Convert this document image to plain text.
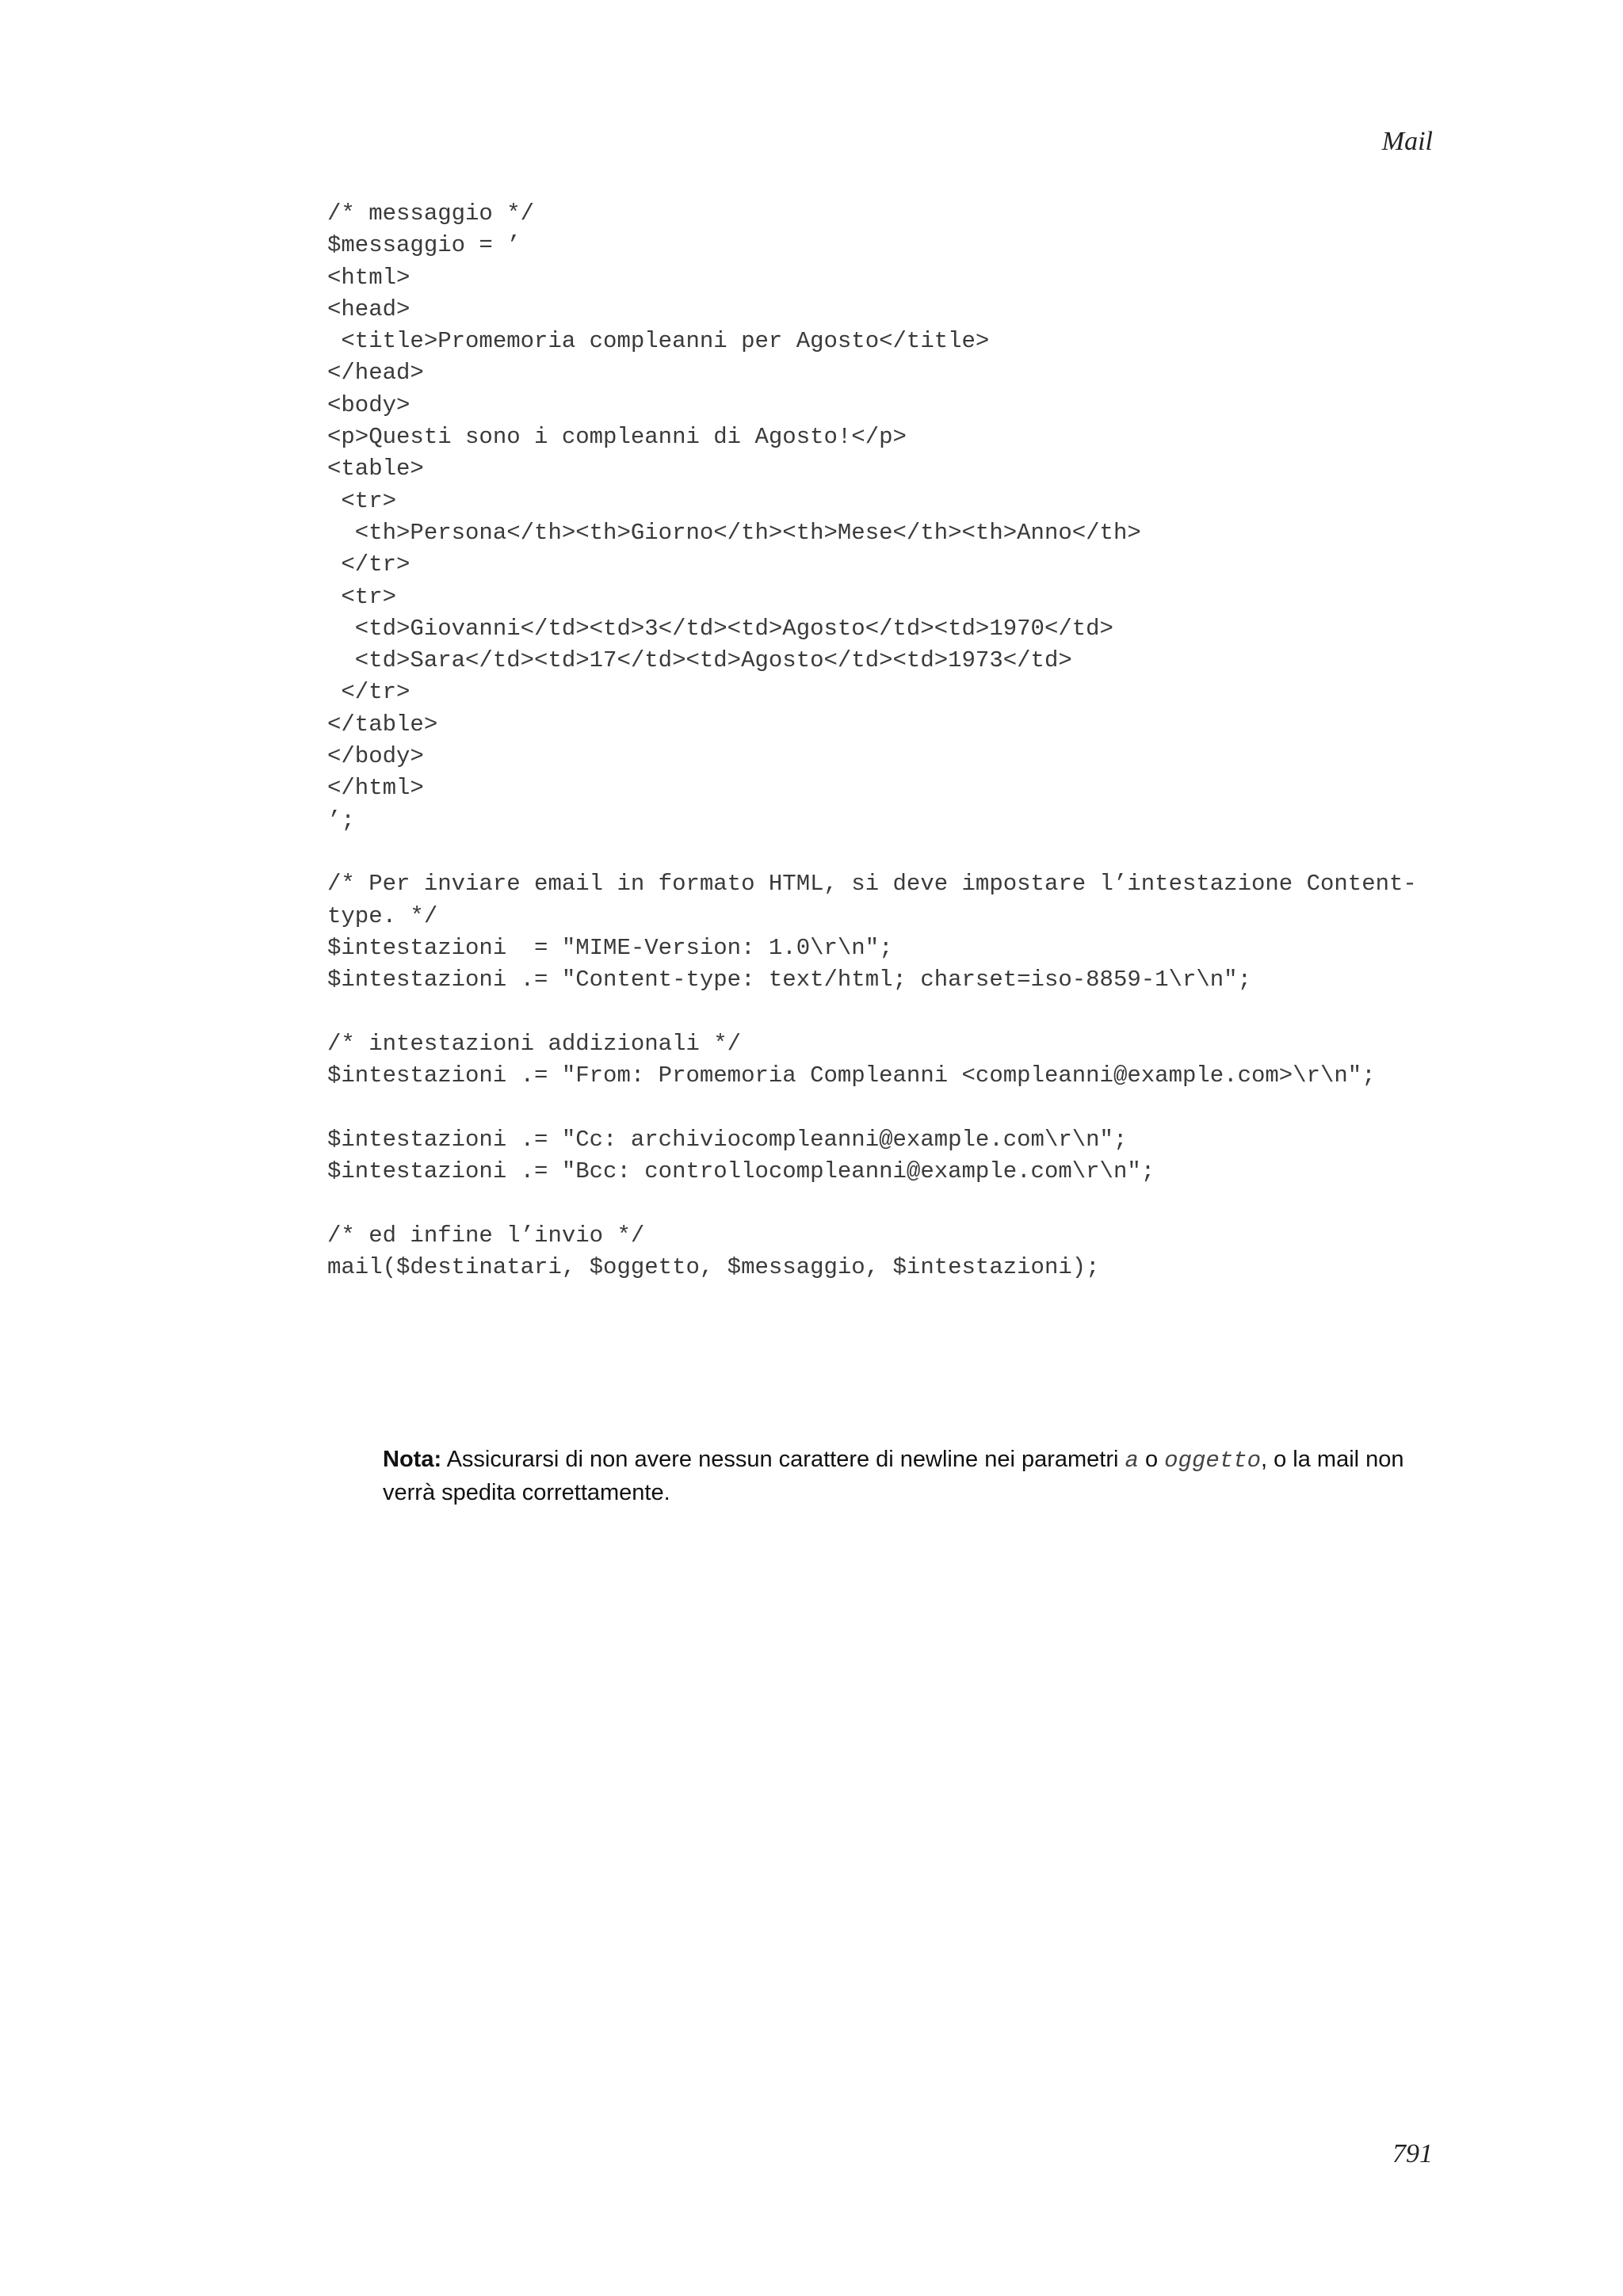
Mail
/* messaggio */
$messaggio = ’
<html>
<head>
<title>Promemoria compleanni per Agosto</title>
</head>
<body>
<p>Questi sono i compleanni di Agosto!</p>
<table>
<tr>
<th>Persona</th><th>Giorno</th><th>Mese</th><th>Anno</th>
</tr>
<tr>
<td>Giovanni</td><td>3</td><td>Agosto</td><td>1970</td>
<td>Sara</td><td>17</td><td>Agosto</td><td>1973</td>
</tr>
</table>
</body>
</html>
’;

/* Per inviare email in formato HTML, si deve impostare l’intestazione Content-
type. */
$intestazioni  = "MIME-Version: 1.0\r\n";
$intestazioni .= "Content-type: text/html; charset=iso-8859-1\r\n";

/* intestazioni addizionali */
$intestazioni .= "From: Promemoria Compleanni <compleanni@example.com>\r\n";

$intestazioni .= "Cc: archiviocompleanni@example.com\r\n";
$intestazioni .= "Bcc: controllocompleanni@example.com\r\n";

/* ed infine l’invio */
mail($destinatari, $oggetto, $messaggio, $intestazioni);
Nota: Assicurarsi di non avere nessun carattere di newline nei parametri a o oggetto, o la mail non verrà spedita correttamente.
791
